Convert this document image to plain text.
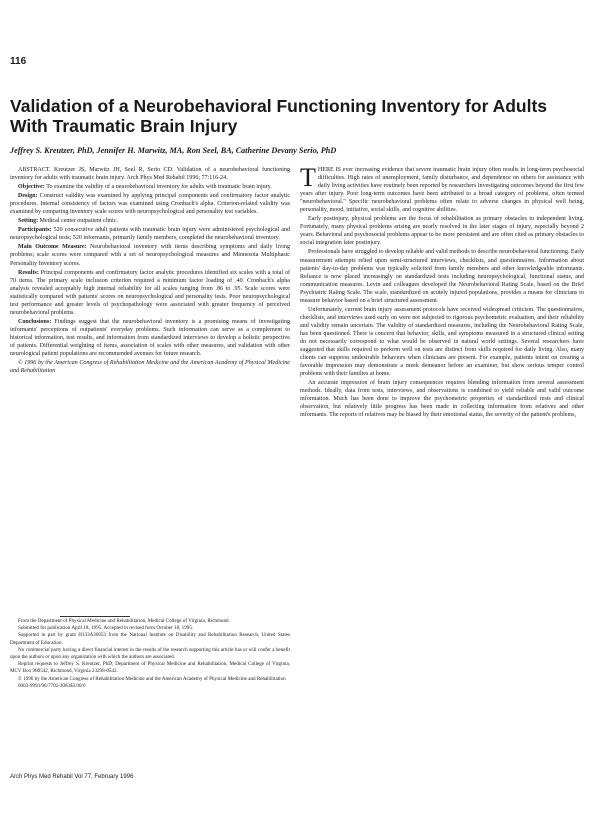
116
Validation of a Neurobehavioral Functioning Inventory for Adults With Traumatic Brain Injury
Jeffrey S. Kreutzer, PhD, Jennifer H. Marwitz, MA, Ron Seel, BA, Catherine Devany Serio, PhD

ABSTRACT. Kreutzer JS, Marwitz JH, Seel R, Serio CD. Validation of a neurobehavioral functioning inventory for adults with traumatic brain injury. Arch Phys Med Rehabil 1996; 77:116-24.

Objective: To examine the validity of a neurobehavioral inventory for adults with traumatic brain injury.

Design: Construct validity was examined by applying principal components and confirmatory factor analytic procedures. Internal consistency of factors was examined using Cronbach's alpha. Criterion-related validity was examined by comparing inventory scale scores with neuropsychological and personality test variables.

Setting: Medical center outpatient clinic.

Participants: 520 consecutive adult patients with traumatic brain injury were administered psychological and neuropsychological tests; 520 informants, primarily family members, completed the neurobehavioral inventory.

Main Outcome Measure: Neurobehavioral inventory with items describing symptoms and daily living problems; scale scores were compared with a set of neuropsychological measures and Minnesota Multiphasic Personality Inventory scores.

Results: Principal components and confirmatory factor analytic procedures identified six scales with a total of 70 items. The primary scale inclusion criterion required a minimum factor loading of .40. Cronbach's alpha analysis revealed acceptably high internal reliability for all scales ranging from .86 to .95. Scale scores were statistically compared with patients' scores on neuropsychological and personality tests. Poor neuropsychological test performance and greater levels of psychopathology were associated with greater frequency of perceived neurobehavioral problems.

Conclusions: Findings suggest that the neurobehavioral inventory is a promising means of investigating informants' perceptions of outpatients' everyday problems. Such information can serve as a complement to historical information, test results, and information from standardized interviews to develop a holistic perspective of patients. Differential weighting of items, association of scales with other measures, and validation with other neurological patient populations are recommended avenues for future research.

© 1996 by the American Congress of Rehabilitation Medicine and the American Academy of Physical Medicine and Rehabilitation

From the Department of Physical Medicine and Rehabilitation, Medical College of Virginia, Richmond.

Submitted for publication April 18, 1995. Accepted in revised form October 18, 1995.

Supported in part by grant H133A30053 from the National Institute on Disability and Rehabilitation Research, United States Department of Education.

No commercial party having a direct financial interest in the results of the research supporting this article has or will confer a benefit upon the authors or upon any organization with which the authors are associated.

Reprint requests to Jeffrey S. Kreutzer, PhD, Department of Physical Medicine and Rehabilitation, Medical College of Virginia, MCV Box 980542, Richmond, Virginia 23298-0542.

© 1996 by the American Congress of Rehabilitation Medicine and the American Academy of Physical Medicine and Rehabilitation

0003-9993/96/7702-3083$3.00/0

THERE IS ever increasing evidence that severe traumatic brain injury often results in long-term psychosocial difficulties. High rates of unemployment, family disturbance, and dependence on others for assistance with daily living activities have routinely been reported by researchers investigating outcomes beyond the first few years after injury. Poor long-term outcomes have been attributed to a broad category of problems, often termed "neurobehavioral." Specific neurobehavioral problems often relate to adverse changes in physical well being, personality, mood, initiative, social skills, and cognitive abilities.

Early postinjury, physical problems are the focus of rehabilitation as primary obstacles to independent living. Fortunately, many physical problems arising are nearly resolved in the later stages of injury, especially beyond 2 years. Behavioral and psychosocial problems appear to be more persistent and are often cited as primary obstacles to social integration later postinjury.

Professionals have struggled to develop reliable and valid methods to describe neurobehavioral functioning. Early measurement attempts relied upon semi-structured interviews, checklists, and questionnaires. Information about patients' day-to-day problems was typically solicited from family members and other knowledgeable informants. Reliance is now placed increasingly on standardized tests including neuropsychological, functional status, and communication measures. Levin and colleagues developed the Neurobehavioral Rating Scale, based on the Brief Psychiatric Rating Scale. The scale, standardized on acutely injured populations, provides a means for clinicians to measure behavior based on a brief structured assessment.

Unfortunately, current brain injury assessment protocols have received widespread criticism. The questionnaires, checklists, and interviews used early on were not subjected to rigorous psychometric evaluation, and their reliability and validity remain uncertain. The validity of standardized measures, including the Neurobehavioral Rating Scale, has been questioned. There is concern that behavior, skills, and symptoms measured in a structured clinical setting do not necessarily correspond to what would be observed in natural world settings. Several researchers have suggested that skills required to perform well on tests are distinct from skills required for daily living. Also, many clients can suppress undesirable behaviors when clinicians are present. For example, patients intent on creating a favorable impression may demonstrate a meek demeanor before an examiner, but show serious temper control problems with their families at home.

An accurate impression of brain injury consequences requires blending information from several assessment methods. Ideally, data from tests, interviews, and observations is combined to yield reliable and valid outcome information. Much has been done to improve the psychometric properties of standardized tests and clinical observation, but relatively little progress has been made in collecting information from relatives and other informants. The reports of relatives may be biased by their emotional status, the severity of the patient's problems,

Arch Phys Med Rehabil Vol 77, February 1996
